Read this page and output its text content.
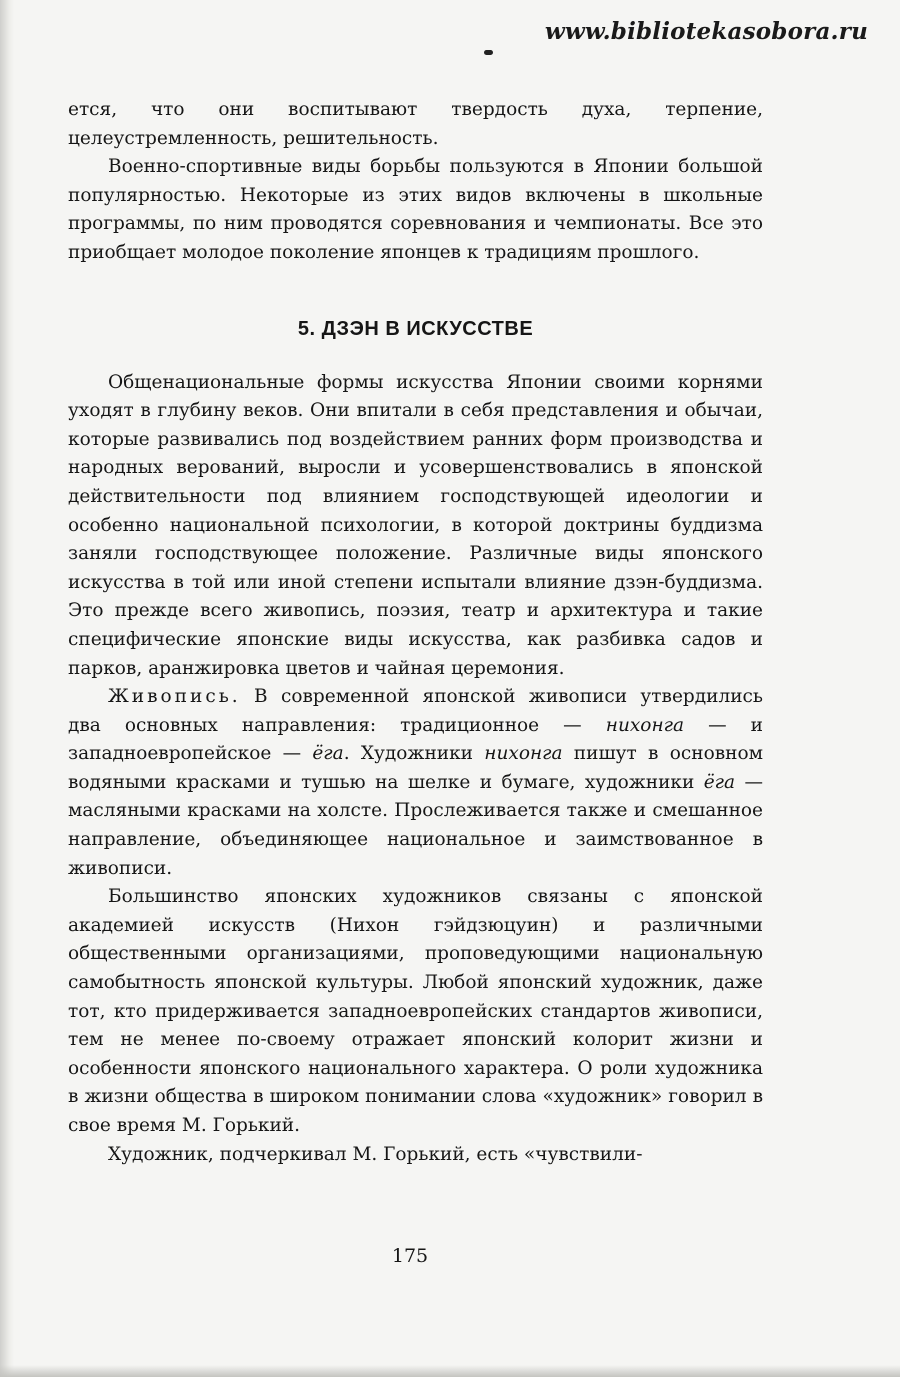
www.bibliotekasobora.ru

ется, что они воспитывают твердость духа, терпение, целеустремленность, решительность.

Военно-спортивные виды борьбы пользуются в Японии большой популярностью. Некоторые из этих видов включены в школьные программы, по ним проводятся соревнования и чемпионаты. Все это приобщает молодое поколение японцев к традициям прошлого.

5. ДЗЭН В ИСКУССТВЕ

Общенациональные формы искусства Японии своими корнями уходят в глубину веков. Они впитали в себя представления и обычаи, которые развивались под воздействием ранних форм производства и народных верований, выросли и усовершенствовались в японской действительности под влиянием господствующей идеологии и особенно национальной психологии, в которой доктрины буддизма заняли господствующее положение. Различные виды японского искусства в той или иной степени испытали влияние дзэн-буддизма. Это прежде всего живопись, поэзия, театр и архитектура и такие специфические японские виды искусства, как разбивка садов и парков, аранжировка цветов и чайная церемония.

Живопись. В современной японской живописи утвердились два основных направления: традиционное — нихонга — и западноевропейское — ёга. Художники нихонга пишут в основном водяными красками и тушью на шелке и бумаге, художники ёга — масляными красками на холсте. Прослеживается также и смешанное направление, объединяющее национальное и заимствованное в живописи.

Большинство японских художников связаны с японской академией искусств (Нихон гэйдзюцуин) и различными общественными организациями, проповедующими национальную самобытность японской культуры. Любой японский художник, даже тот, кто придерживается западноевропейских стандартов живописи, тем не менее по-своему отражает японский колорит жизни и особенности японского национального характера. О роли художника в жизни общества в широком понимании слова «художник» говорил в свое время М. Горький.

Художник, подчеркивал М. Горький, есть «чувствили-

175
